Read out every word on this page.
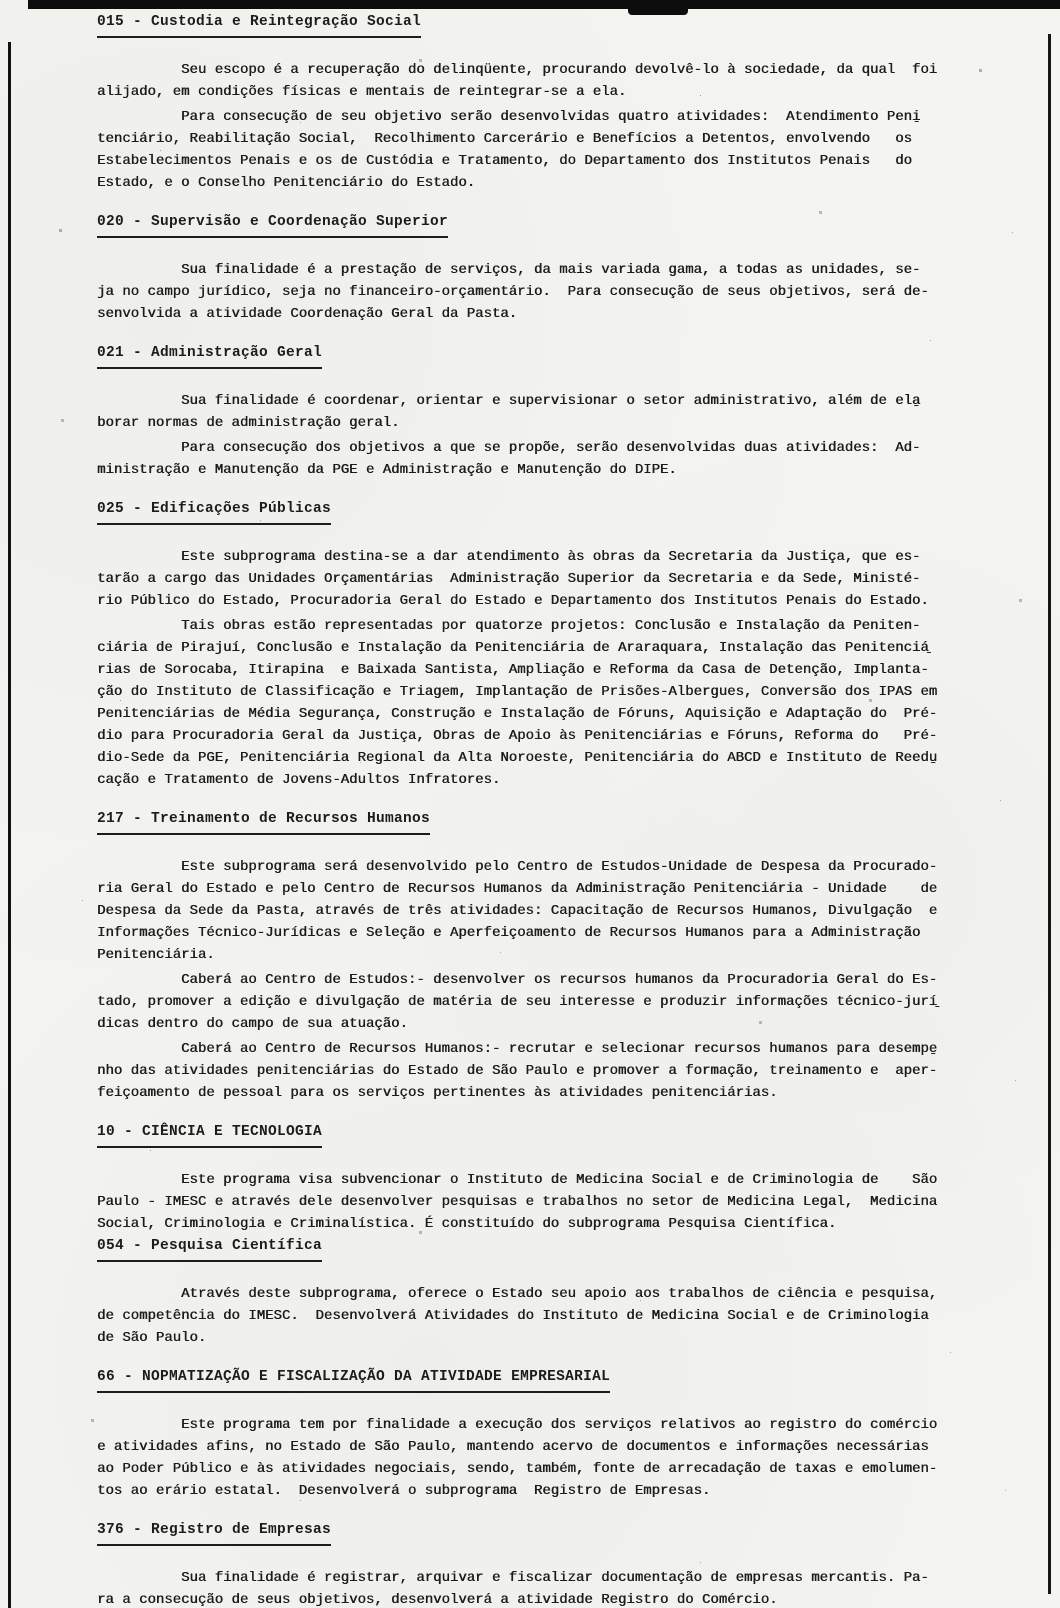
015 - Custodia e Reintegração Social
Seu escopo é a recuperação do delinqüente, procurando devolvê-lo à sociedade, da qual  foi
alijado, em condições físicas e mentais de reintegrar-se a ela.
Para consecução de seu objetivo serão desenvolvidas quatro atividades:  Atendimento Peni̱
tenciário, Reabilitação Social,  Recolhimento Carcerário e Benefícios a Detentos, envolvendo   os
Estabelecimentos Penais e os de Custódia e Tratamento, do Departamento dos Institutos Penais   do
Estado, e o Conselho Penitenciário do Estado.
020 - Supervisão e Coordenação Superior
Sua finalidade é a prestação de serviços, da mais variada gama, a todas as unidades, se-
ja no campo jurídico, seja no financeiro-orçamentário.  Para consecução de seus objetivos, será de-
senvolvida a atividade Coordenação Geral da Pasta.
021 - Administração Geral
Sua finalidade é coordenar, orientar e supervisionar o setor administrativo, além de ela̱
borar normas de administração geral.
Para consecução dos objetivos a que se propõe, serão desenvolvidas duas atividades:  Ad-
ministração e Manutenção da PGE e Administração e Manutenção do DIPE.
025 - Edificações Públicas
Este subprograma destina-se a dar atendimento às obras da Secretaria da Justiça, que es-
tarão a cargo das Unidades Orçamentárias  Administração Superior da Secretaria e da Sede, Ministé-
rio Público do Estado, Procuradoria Geral do Estado e Departamento dos Institutos Penais do Estado.
Tais obras estão representadas por quatorze projetos: Conclusão e Instalação da Peniten-
ciária de Pirajuí, Conclusão e Instalação da Penitenciária de Araraquara, Instalação das Penitenciá̱
rias de Sorocaba, Itirapina  e Baixada Santista, Ampliação e Reforma da Casa de Detenção, Implanta-
ção do Instituto de Classificação e Triagem, Implantação de Prisões-Albergues, Conversão dos IPAS em
Penitenciárias de Média Segurança, Construção e Instalação de Fóruns, Aquisição e Adaptação do  Pré-
dio para Procuradoria Geral da Justiça, Obras de Apoio às Penitenciárias e Fóruns, Reforma do   Pré-
dio-Sede da PGE, Penitenciária Regional da Alta Noroeste, Penitenciária do ABCD e Instituto de Reedu̱
cação e Tratamento de Jovens-Adultos Infratores.
217 - Treinamento de Recursos Humanos
Este subprograma será desenvolvido pelo Centro de Estudos-Unidade de Despesa da Procurado-
ria Geral do Estado e pelo Centro de Recursos Humanos da Administração Penitenciária - Unidade    de
Despesa da Sede da Pasta, através de três atividades: Capacitação de Recursos Humanos, Divulgação  e
Informações Técnico-Jurídicas e Seleção e Aperfeiçoamento de Recursos Humanos para a Administração
Penitenciária.
Caberá ao Centro de Estudos:- desenvolver os recursos humanos da Procuradoria Geral do Es-
tado, promover a edição e divulgação de matéria de seu interesse e produzir informações técnico-jurí̱
dicas dentro do campo de sua atuação.
Caberá ao Centro de Recursos Humanos:- recrutar e selecionar recursos humanos para desempe̱
nho das atividades penitenciárias do Estado de São Paulo e promover a formação, treinamento e  aper-
feiçoamento de pessoal para os serviços pertinentes às atividades penitenciárias.
10 - CIÊNCIA E TECNOLOGIA
Este programa visa subvencionar o Instituto de Medicina Social e de Criminologia de    São
Paulo - IMESC e através dele desenvolver pesquisas e trabalhos no setor de Medicina Legal,  Medicina
Social, Criminologia e Criminalística. É constituído do subprograma Pesquisa Científica.
054 - Pesquisa Científica
Através deste subprograma, oferece o Estado seu apoio aos trabalhos de ciência e pesquisa,
de competência do IMESC.  Desenvolverá Atividades do Instituto de Medicina Social e de Criminologia
de São Paulo.
66 - NOPMATIZAÇÃO E FISCALIZAÇÃO DA ATIVIDADE EMPRESARIAL
Este programa tem por finalidade a execução dos serviços relativos ao registro do comércio
e atividades afins, no Estado de São Paulo, mantendo acervo de documentos e informações necessárias
ao Poder Público e às atividades negociais, sendo, também, fonte de arrecadação de taxas e emolumen-
tos ao erário estatal.  Desenvolverá o subprograma  Registro de Empresas.
376 - Registro de Empresas
Sua finalidade é registrar, arquivar e fiscalizar documentação de empresas mercantis. Pa-
ra a consecução de seus objetivos, desenvolverá a atividade Registro do Comércio.
